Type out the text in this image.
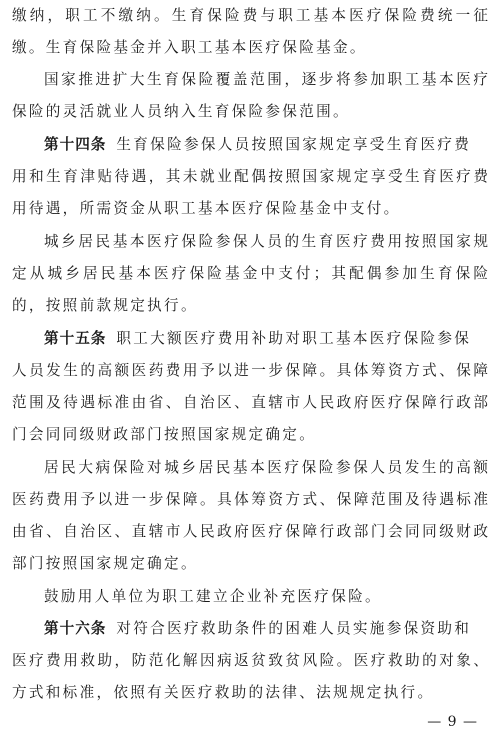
缴纳，职工不缴纳。生育保险费与职工基本医疗保险费统一征
缴。生育保险基金并入职工基本医疗保险基金。
国家推进扩大生育保险覆盖范围，逐步将参加职工基本医疗
保险的灵活就业人员纳入生育保险参保范围。
第十四条 生育保险参保人员按照国家规定享受生育医疗费
用和生育津贴待遇，其未就业配偶按照国家规定享受生育医疗费
用待遇，所需资金从职工基本医疗保险基金中支付。
城乡居民基本医疗保险参保人员的生育医疗费用按照国家规
定从城乡居民基本医疗保险基金中支付；其配偶参加生育保险
的，按照前款规定执行。
第十五条 职工大额医疗费用补助对职工基本医疗保险参保
人员发生的高额医药费用予以进一步保障。具体筹资方式、保障
范围及待遇标准由省、自治区、直辖市人民政府医疗保障行政部
门会同同级财政部门按照国家规定确定。
居民大病保险对城乡居民基本医疗保险参保人员发生的高额
医药费用予以进一步保障。具体筹资方式、保障范围及待遇标准
由省、自治区、直辖市人民政府医疗保障行政部门会同同级财政
部门按照国家规定确定。
鼓励用人单位为职工建立企业补充医疗保险。
第十六条 对符合医疗救助条件的困难人员实施参保资助和
医疗费用救助，防范化解因病返贫致贫风险。医疗救助的对象、
方式和标准，依照有关医疗救助的法律、法规规定执行。
— 9 —
